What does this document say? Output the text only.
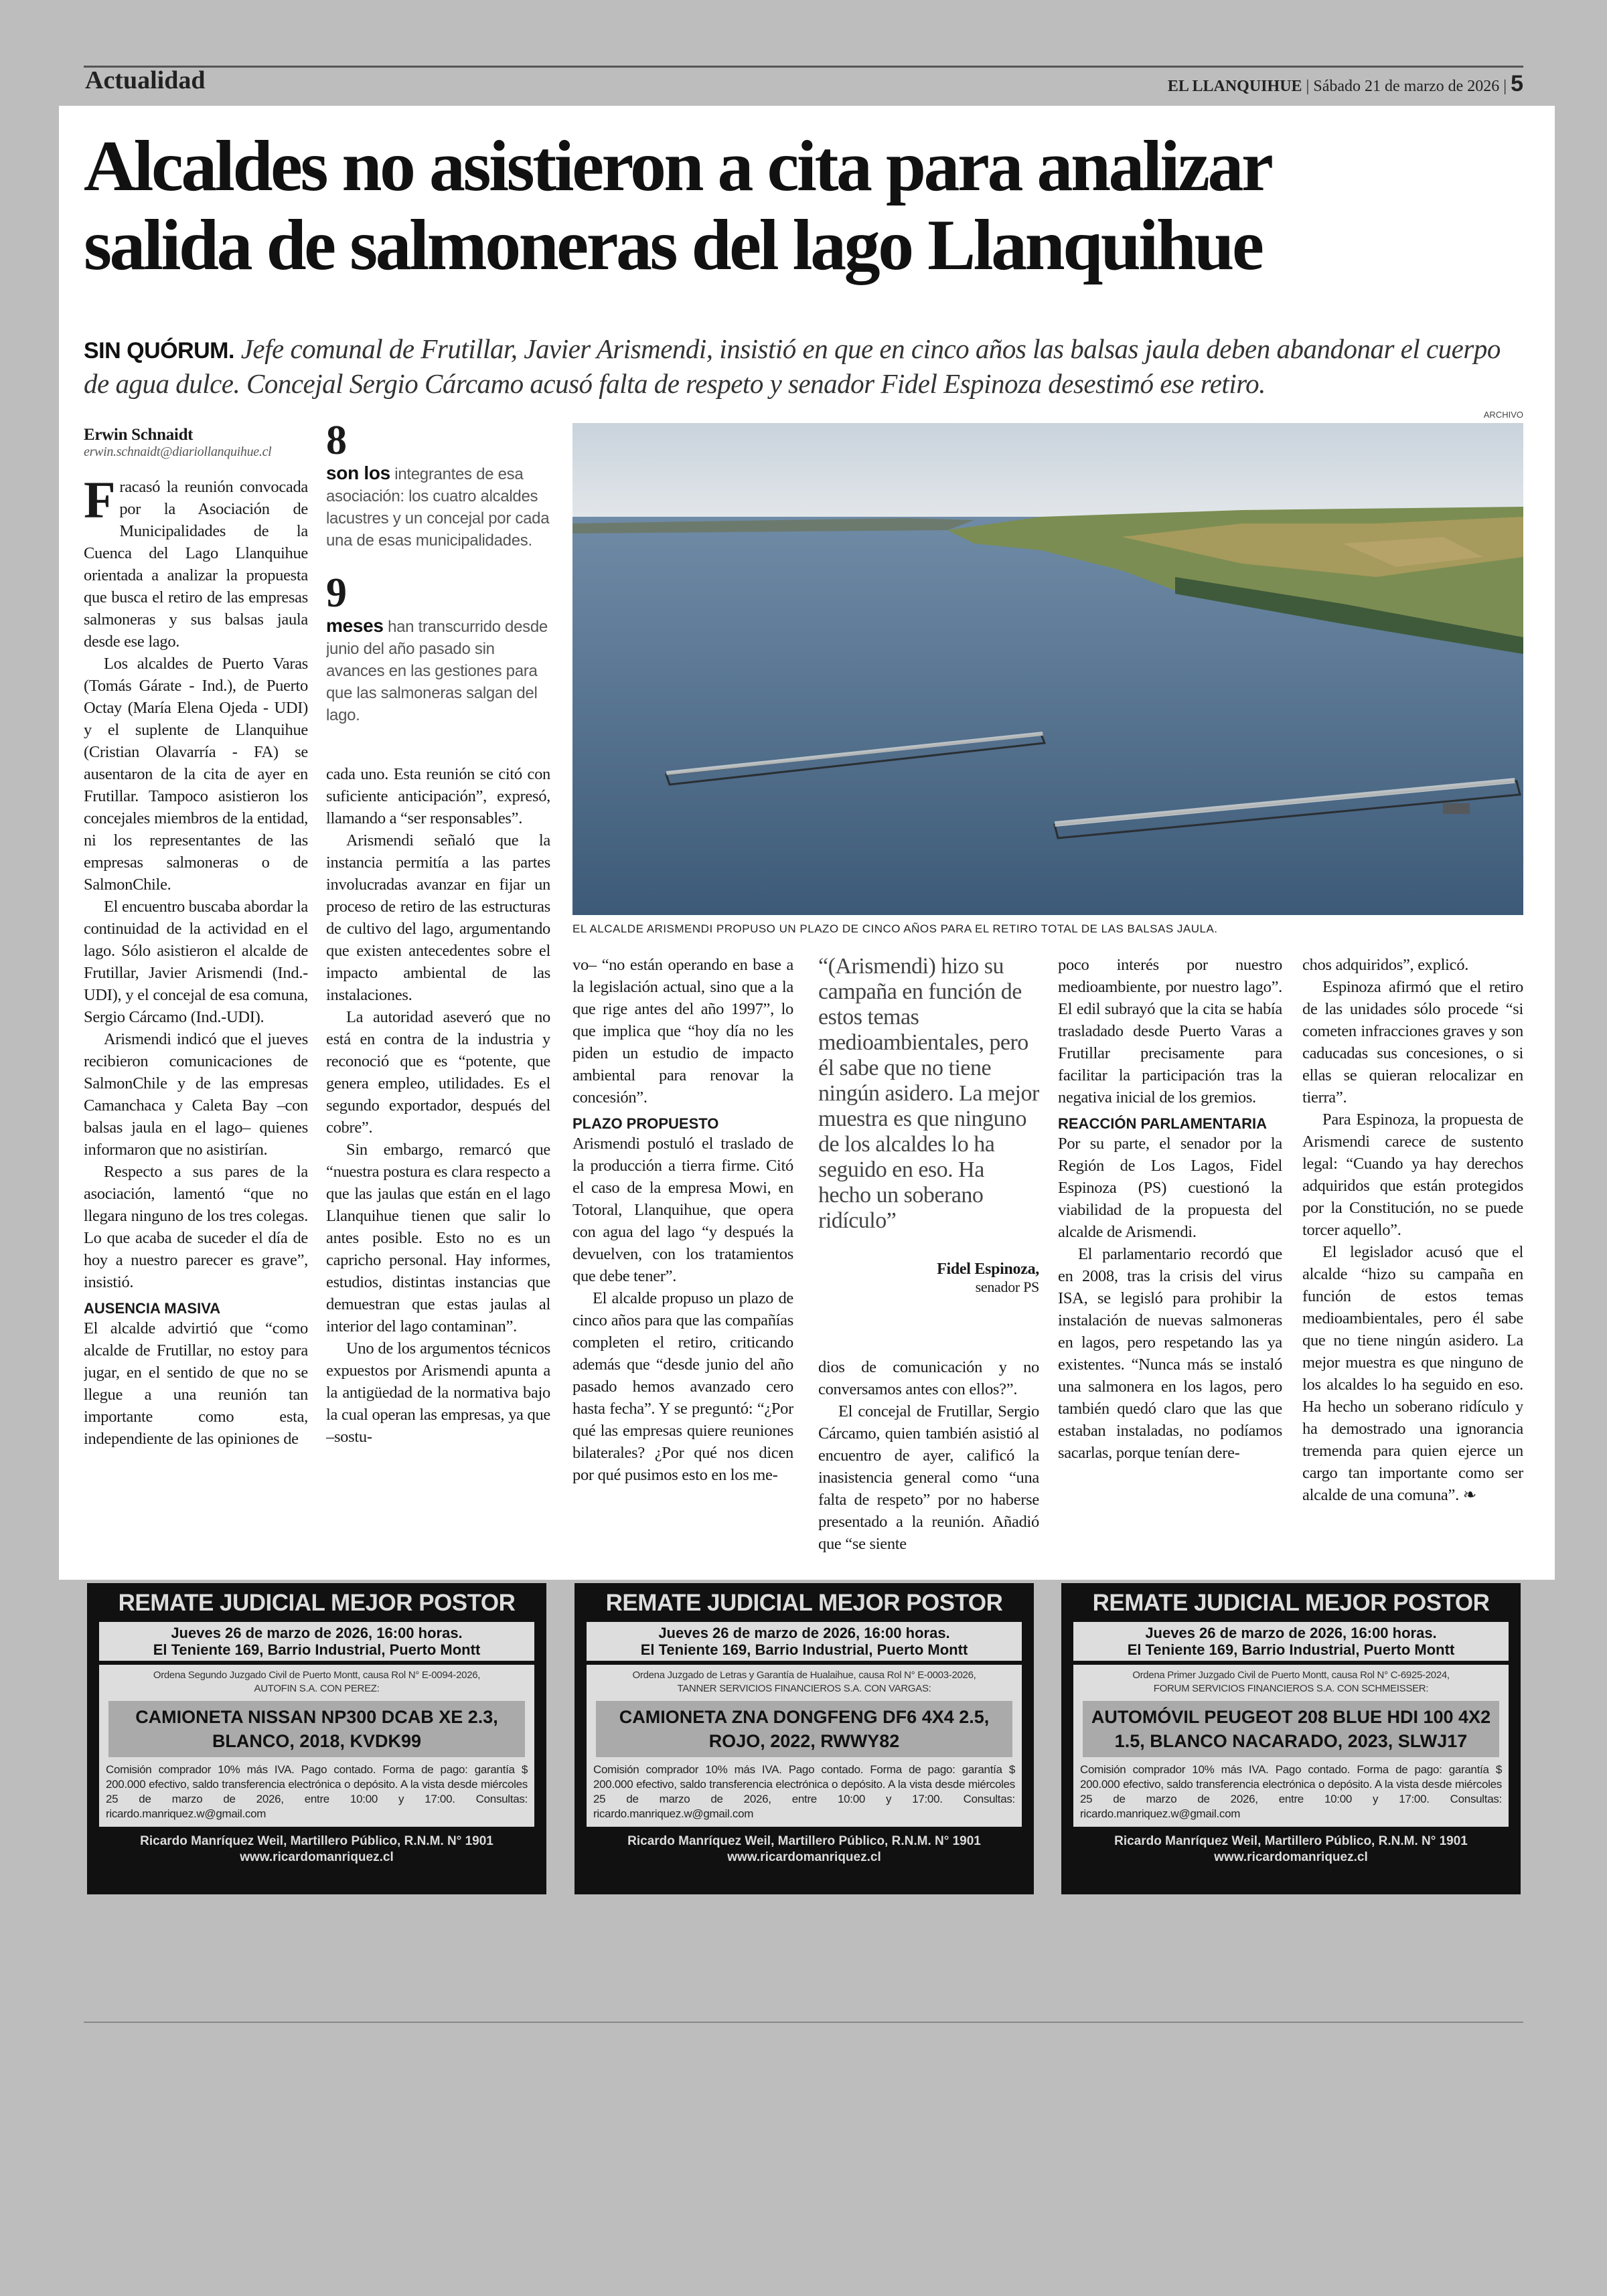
Actualidad	EL LLANQUIHUE | Sábado 21 de marzo de 2026 | 5
Alcaldes no asistieron a cita para analizar
salida de salmoneras del lago Llanquihue
SIN QUÓRUM. Jefe comunal de Frutillar, Javier Arismendi, insistió en que en cinco años las balsas jaula deben abandonar el cuerpo de agua dulce. Concejal Sergio Cárcamo acusó falta de respeto y senador Fidel Espinoza desestimó ese retiro.
Erwin Schnaidt
erwin.schnaidt@diariollanquihue.cl

Fracasó la reunión convocada por la Asociación de Municipalidades de la Cuenca del Lago Llanquihue orientada a analizar la propuesta que busca el retiro de las empresas salmoneras y sus balsas jaula desde ese lago.

Los alcaldes de Puerto Varas (Tomás Gárate - Ind.), de Puerto Octay (María Elena Ojeda - UDI) y el suplente de Llanquihue (Cristian Olavarría - FA) se ausentaron de la cita de ayer en Frutillar. Tampoco asistieron los concejales miembros de la entidad, ni los representantes de las empresas salmoneras o de SalmonChile.

El encuentro buscaba abordar la continuidad de la actividad en el lago. Sólo asistieron el alcalde de Frutillar, Javier Arismendi (Ind.-UDI), y el concejal de esa comuna, Sergio Cárcamo (Ind.-UDI).

Arismendi indicó que el jueves recibieron comunicaciones de SalmonChile y de las empresas Camanchaca y Caleta Bay –con balsas jaula en el lago– quienes informaron que no asistirían.

Respecto a sus pares de la asociación, lamentó “que no llegara ninguno de los tres colegas. Lo que acaba de suceder el día de hoy a nuestro parecer es grave”, insistió.

AUSENCIA MASIVA

El alcalde advirtió que “como alcalde de Frutillar, no estoy para jugar, en el sentido de que no se llegue a una reunión tan importante como esta, independiente de las opiniones de

8
son los integrantes de esa asociación: los cuatro alcaldes lacustres y un concejal por cada una de esas municipalidades.
9
meses han transcurrido desde junio del año pasado sin avances en las gestiones para que las salmoneras salgan del lago.

cada uno. Esta reunión se citó con suficiente anticipación”, expresó, llamando a “ser responsables”.

Arismendi señaló que la instancia permitía a las partes involucradas avanzar en fijar un proceso de retiro de las estructuras de cultivo del lago, argumentando que existen antecedentes sobre el impacto ambiental de las instalaciones.

La autoridad aseveró que no está en contra de la industria y reconoció que es “potente, que genera empleo, utilidades. Es el segundo exportador, después del cobre”.

Sin embargo, remarcó que “nuestra postura es clara respecto a que las jaulas que están en el lago Llanquihue tienen que salir lo antes posible. Esto no es un capricho personal. Hay informes, estudios, distintas instancias que demuestran que estas jaulas al interior del lago contaminan”.

Uno de los argumentos técnicos expuestos por Arismendi apunta a la antigüedad de la normativa bajo la cual operan las empresas, ya que –sostu-

ARCHIVO
EL ALCALDE ARISMENDI PROPUSO UN PLAZO DE CINCO AÑOS PARA EL RETIRO TOTAL DE LAS BALSAS JAULA.

vo– “no están operando en base a la legislación actual, sino que a la que rige antes del año 1997”, lo que implica que “hoy día no les piden un estudio de impacto ambiental para renovar la concesión”.

PLAZO PROPUESTO

Arismendi postuló el traslado de la producción a tierra firme. Citó el caso de la empresa Mowi, en Totoral, Llanquihue, que opera con agua del lago “y después la devuelven, con los tratamientos que debe tener”.

El alcalde propuso un plazo de cinco años para que las compañías completen el retiro, criticando además que “desde junio del año pasado hemos avanzado cero hasta fecha”. Y se preguntó: “¿Por qué las empresas quiere reuniones bilaterales? ¿Por qué nos dicen por qué pusimos esto en los me-

“(Arismendi) hizo su campaña en función de estos temas medioambientales, pero él sabe que no tiene ningún asidero. La mejor muestra es que ninguno de los alcaldes lo ha seguido en eso. Ha hecho un soberano ridículo”
Fidel Espinoza,
senador PS

dios de comunicación y no conversamos antes con ellos?”.

El concejal de Frutillar, Sergio Cárcamo, quien también asistió al encuentro de ayer, calificó la inasistencia general como “una falta de respeto” por no haberse presentado a la reunión. Añadió que “se siente

poco interés por nuestro medioambiente, por nuestro lago”. El edil subrayó que la cita se había trasladado desde Puerto Varas a Frutillar precisamente para facilitar la participación tras la negativa inicial de los gremios.

REACCIÓN PARLAMENTARIA

Por su parte, el senador por la Región de Los Lagos, Fidel Espinoza (PS) cuestionó la viabilidad de la propuesta del alcalde de Arismendi.

El parlamentario recordó que en 2008, tras la crisis del virus ISA, se legisló para prohibir la instalación de nuevas salmoneras en lagos, pero respetando las ya existentes. “Nunca más se instaló una salmonera en los lagos, pero también quedó claro que las que estaban instaladas, no podíamos sacarlas, porque tenían dere-

chos adquiridos”, explicó.

Espinoza afirmó que el retiro de las unidades sólo procede “si cometen infracciones graves y son caducadas sus concesiones, o si ellas se quieran relocalizar en tierra”.

Para Espinoza, la propuesta de Arismendi carece de sustento legal: “Cuando ya hay derechos adquiridos que están protegidos por la Constitución, no se puede torcer aquello”.

El legislador acusó que el alcalde “hizo su campaña en función de estos temas medioambientales, pero él sabe que no tiene ningún asidero. La mejor muestra es que ninguno de los alcaldes lo ha seguido en eso. Ha hecho un soberano ridículo y ha demostrado una ignorancia tremenda para quien ejerce un cargo tan importante como ser alcalde de una comuna”. ❧

REMATE JUDICIAL MEJOR POSTOR
Jueves 26 de marzo de 2026, 16:00 horas.
El Teniente 169, Barrio Industrial, Puerto Montt
Ordena Segundo Juzgado Civil de Puerto Montt, causa Rol N° E-0094-2026,
AUTOFIN S.A. CON PEREZ:
CAMIONETA NISSAN NP300 DCAB XE 2.3, BLANCO, 2018, KVDK99
Comisión comprador 10% más IVA. Pago contado. Forma de pago: garantía $ 200.000 efectivo, saldo transferencia electrónica o depósito. A la vista desde miércoles 25 de marzo de 2026, entre 10:00 y 17:00. Consultas: ricardo.manriquez.w@gmail.com
Ricardo Manríquez Weil, Martillero Público, R.N.M. N° 1901
www.ricardomanriquez.cl
REMATE JUDICIAL MEJOR POSTOR
Jueves 26 de marzo de 2026, 16:00 horas.
El Teniente 169, Barrio Industrial, Puerto Montt
Ordena Juzgado de Letras y Garantía de Hualaihue, causa Rol N° E-0003-2026,
TANNER SERVICIOS FINANCIEROS S.A. CON VARGAS:
CAMIONETA ZNA DONGFENG DF6 4X4 2.5, ROJO, 2022, RWWY82
Comisión comprador 10% más IVA. Pago contado. Forma de pago: garantía $ 200.000 efectivo, saldo transferencia electrónica o depósito. A la vista desde miércoles 25 de marzo de 2026, entre 10:00 y 17:00. Consultas: ricardo.manriquez.w@gmail.com
Ricardo Manríquez Weil, Martillero Público, R.N.M. N° 1901
www.ricardomanriquez.cl
REMATE JUDICIAL MEJOR POSTOR
Jueves 26 de marzo de 2026, 16:00 horas.
El Teniente 169, Barrio Industrial, Puerto Montt
Ordena Primer Juzgado Civil de Puerto Montt, causa Rol N° C-6925-2024,
FORUM SERVICIOS FINANCIEROS S.A. CON SCHMEISSER:
AUTOMÓVIL PEUGEOT 208 BLUE HDI 100 4X2 1.5, BLANCO NACARADO, 2023, SLWJ17
Comisión comprador 10% más IVA. Pago contado. Forma de pago: garantía $ 200.000 efectivo, saldo transferencia electrónica o depósito. A la vista desde miércoles 25 de marzo de 2026, entre 10:00 y 17:00. Consultas: ricardo.manriquez.w@gmail.com
Ricardo Manríquez Weil, Martillero Público, R.N.M. N° 1901
www.ricardomanriquez.cl
